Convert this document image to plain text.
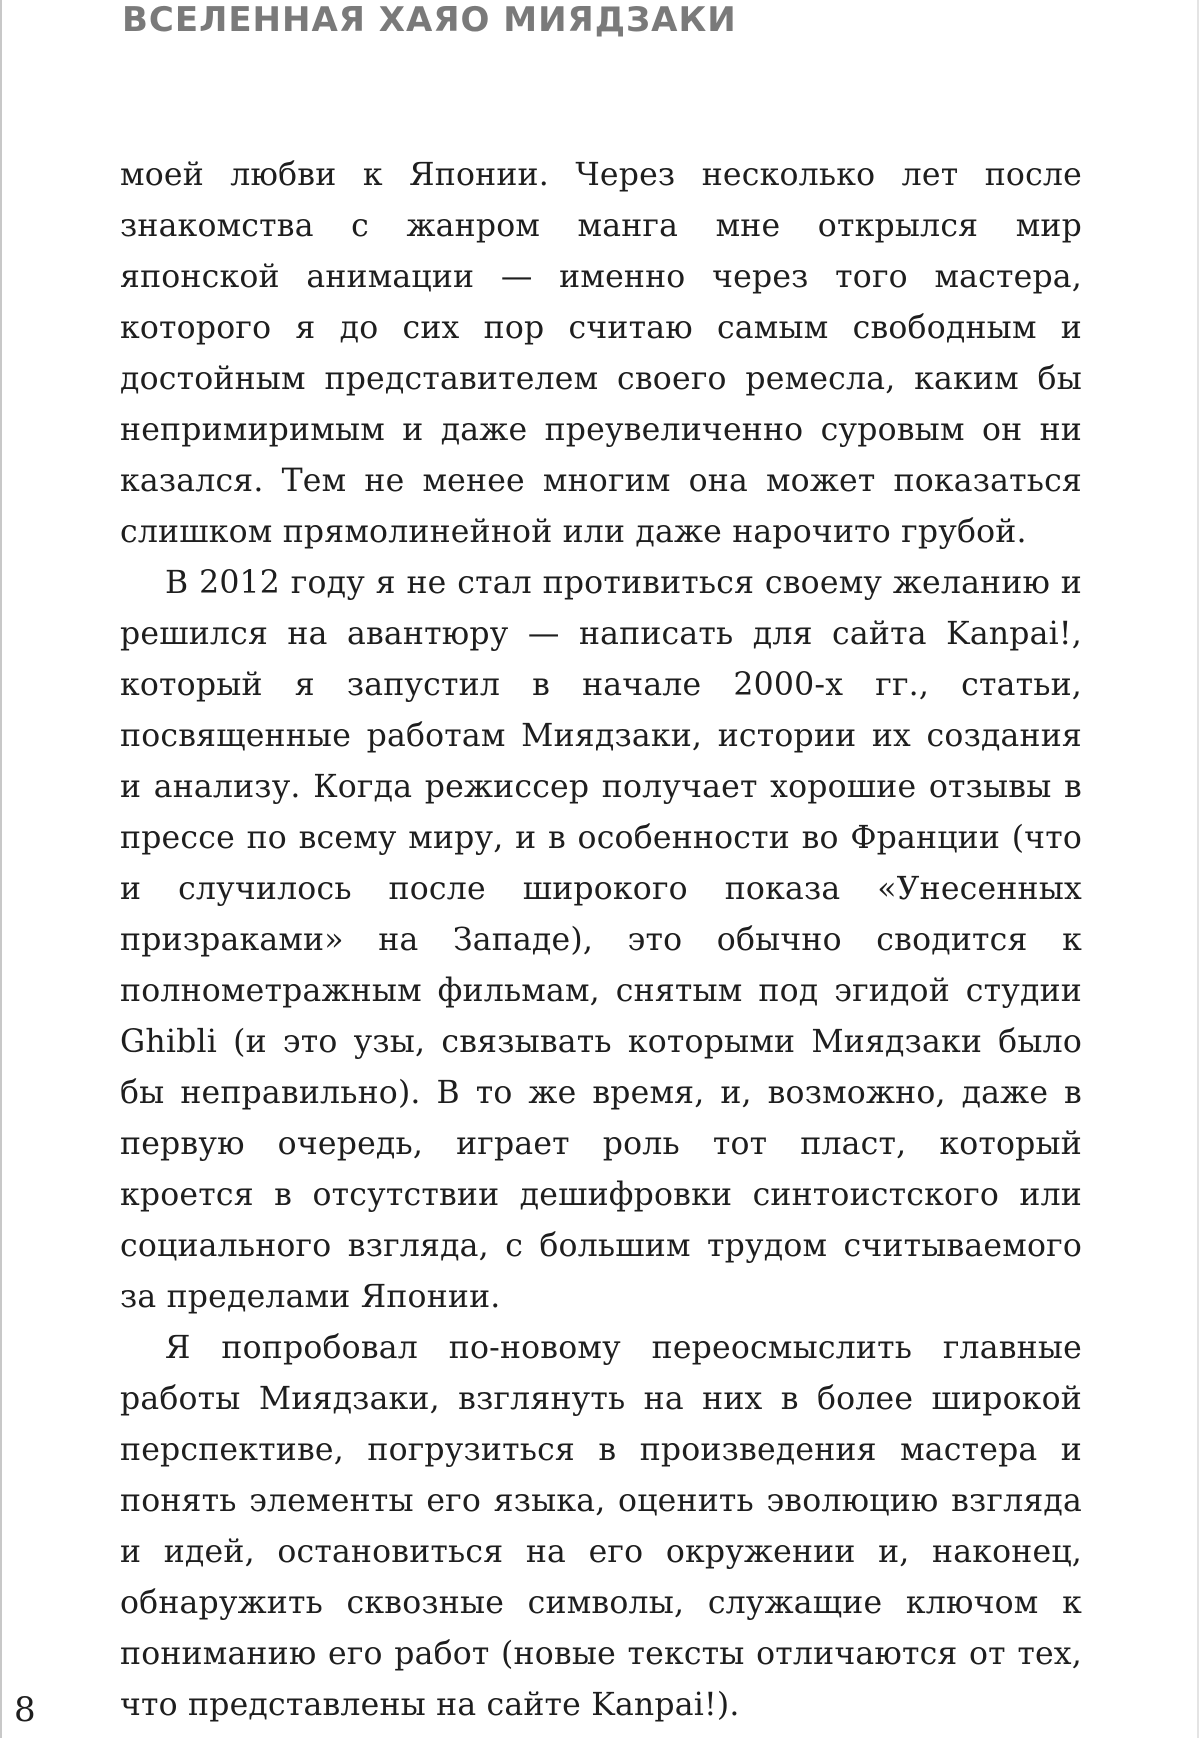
ВСЕЛЕННАЯ ХАЯО МИЯДЗАКИ

моей любви к Японии. Через несколько лет после знакомства с жанром манга мне открылся мир японской анимации — именно через того мастера, которого я до сих пор считаю самым свободным и достойным представителем своего ремесла, каким бы непримиримым и даже преувеличенно суровым он ни казался. Тем не менее многим она может показаться слишком прямолинейной или даже нарочито грубой.

В 2012 году я не стал противиться своему желанию и решился на авантюру — написать для сайта Kanpai!, который я запустил в начале 2000-х гг., статьи, посвященные работам Миядзаки, истории их создания и анализу. Когда режиссер получает хорошие отзывы в прессе по всему миру, и в особенности во Франции (что и случилось после широкого показа «Унесенных призраками» на Западе), это обычно сводится к полнометражным фильмам, снятым под эгидой студии Ghibli (и это узы, связывать которыми Миядзаки было бы неправильно). В то же время, и, возможно, даже в первую очередь, играет роль тот пласт, который кроется в отсутствии дешифровки синтоистского или социального взгляда, с большим трудом считываемого за пределами Японии.

Я попробовал по-новому переосмыслить главные работы Миядзаки, взглянуть на них в более широкой перспективе, погрузиться в произведения мастера и понять элементы его языка, оценить эволюцию взгляда и идей, остановиться на его окружении и, наконец, обнаружить сквозные символы, служащие ключом к пониманию его работ (новые тексты отличаются от тех, что представлены на сайте Kanpai!).

8
